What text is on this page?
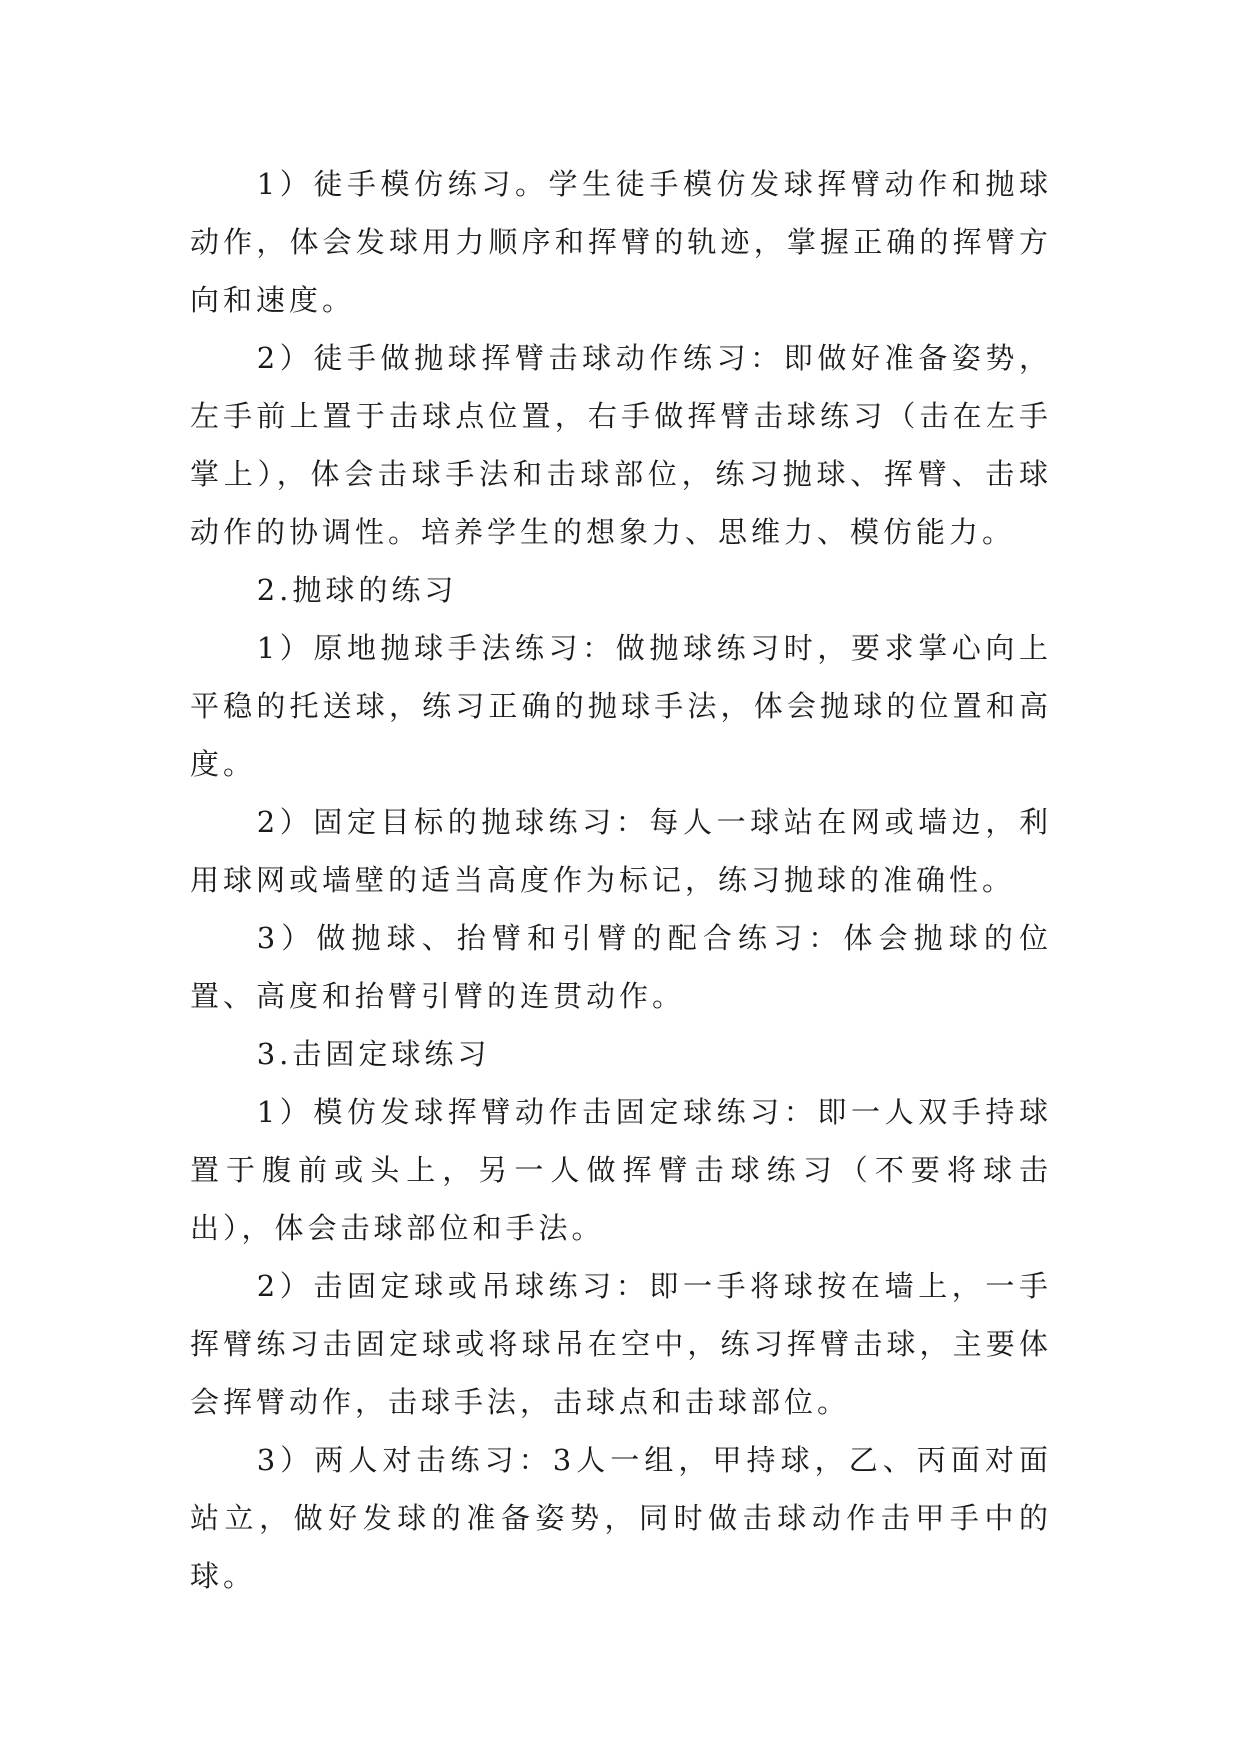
1）徒手模仿练习。学生徒手模仿发球挥臂动作和抛球动作，体会发球用力顺序和挥臂的轨迹，掌握正确的挥臂方向和速度。

2）徒手做抛球挥臂击球动作练习：即做好准备姿势，左手前上置于击球点位置，右手做挥臂击球练习（击在左手掌上），体会击球手法和击球部位，练习抛球、挥臂、击球动作的协调性。培养学生的想象力、思维力、模仿能力。

2.抛球的练习

1）原地抛球手法练习：做抛球练习时，要求掌心向上平稳的托送球，练习正确的抛球手法，体会抛球的位置和高度。

2）固定目标的抛球练习：每人一球站在网或墙边，利用球网或墙壁的适当高度作为标记，练习抛球的准确性。

3）做抛球、抬臂和引臂的配合练习：体会抛球的位置、高度和抬臂引臂的连贯动作。

3.击固定球练习

1）模仿发球挥臂动作击固定球练习：即一人双手持球置于腹前或头上，另一人做挥臂击球练习（不要将球击出），体会击球部位和手法。

2）击固定球或吊球练习：即一手将球按在墙上，一手挥臂练习击固定球或将球吊在空中，练习挥臂击球，主要体会挥臂动作，击球手法，击球点和击球部位。

3）两人对击练习：3人一组，甲持球，乙、丙面对面站立，做好发球的准备姿势，同时做击球动作击甲手中的球。
